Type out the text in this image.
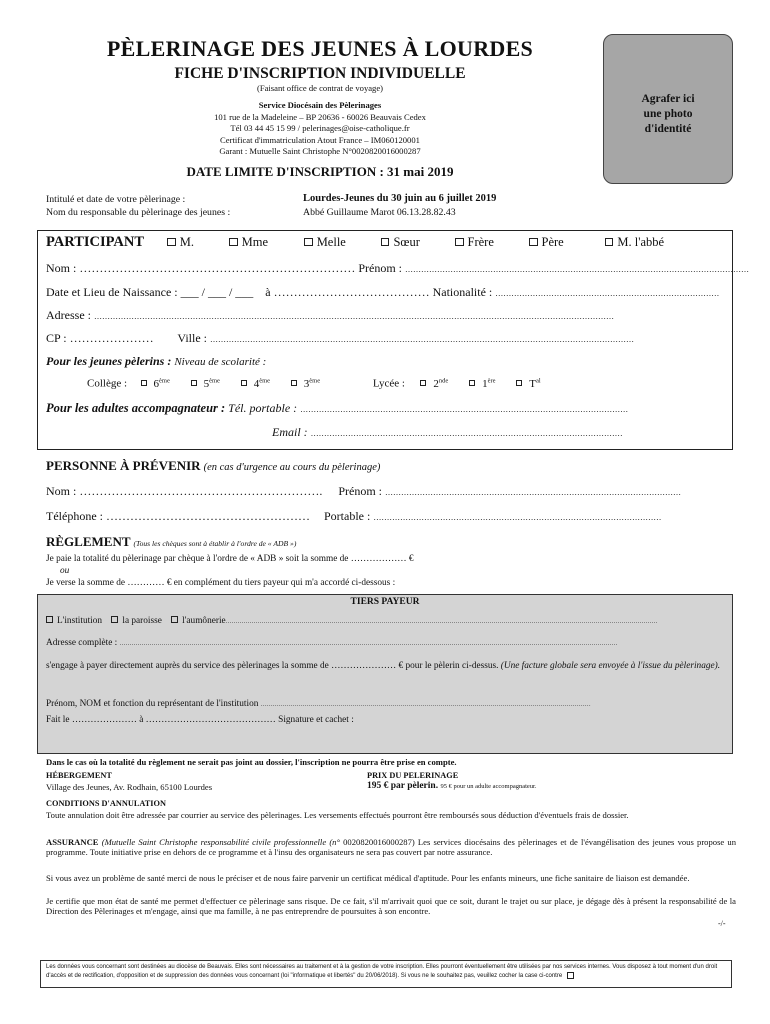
PÈLERINAGE DES JEUNES À LOURDES
FICHE D'INSCRIPTION INDIVIDUELLE
(Faisant office de contrat de voyage)
Service Diocésain des Pèlerinages
101 rue de la Madeleine – BP 20636 - 60026 Beauvais Cedex
Tél 03 44 45 15 99 / pelerinages@oise-catholique.fr
Certificat d'immatriculation Atout France – IM060120001
Garant : Mutuelle Saint Christophe N°0020820016000287
DATE LIMITE D'INSCRIPTION : 31 mai 2019
Agrafer ici
une photo
d'identité
Intitulé et date de votre pèlerinage :	Lourdes-Jeunes du 30 juin au 6 juillet 2019
Nom du responsable du pèlerinage des jeunes :	Abbé Guillaume Marot 06.13.28.82.43
PARTICIPANT	M.	Mme	Melle	Sœur	Frère	Père	M. l'abbé
Nom : …………………………………………………………… Prénom : …………………………………………………………………………………………………………………
Date et Lieu de Naissance : ___ / ___ / ___ à ………………………………… Nationalité : …………………………………………………………………………
Adresse : ……………………………………………………………………………………………………………………………………………………………………………
CP : ………………… Ville : ……………………………………………………………………………………………………………………………………………
Pour les jeunes pèlerins : Niveau de scolarité :
Collège : 6ème	5ème	4ème	3ème	Lycée :	2nde	1ère	$T^{al}$
Pour les adultes accompagnateur : Tél. portable : ……………………………………………………………………………………………………………
Email : ………………………………………………………………………………………………………
PERSONNE À PRÉVENIR (en cas d'urgence au cours du pèlerinage)
Nom : ……………………………………………………. Prénom : …………………………………………………………………………………………………
Téléphone : …………………………………………… Portable : ………………………………………………………………………………………………
RÈGLEMENT (Tous les chèques sont à établir à l'ordre de « ADB »)
Je paie la totalité du pèlerinage par chèque à l'ordre de « ADB » soit la somme de ……………… €
ou
Je verse la somme de ………… € en complément du tiers payeur qui m'a accordé ci-dessous :
TIERS PAYEUR
L'institution la paroisse l'aumônerie………………………………………………………………………………………………………………………………………………………………………………………………
Adresse complète : ……………………………………………………………………………………………………………………………………………………………………………………………………………………………
s'engage à payer directement auprès du service des pèlerinages la somme de ………………… € pour le pèlerin ci-dessus. (Une facture globale sera envoyée à l'issue du pèlerinage).
Prénom, NOM et fonction du représentant de l'institution …………………………………………………………………………………………………………………………………………………
Fait le ………………… à …………………………………… Signature et cachet :
Dans le cas où la totalité du règlement ne serait pas joint au dossier, l'inscription ne pourra être prise en compte.
HÉBERGEMENT
Village des Jeunes, Av. Rodhain, 65100 Lourdes
PRIX DU PELERINAGE
195 € par pèlerin. 95 € pour un adulte accompagnateur.
CONDITIONS D'ANNULATION
Toute annulation doit être adressée par courrier au service des pèlerinages. Les versements effectués pourront être remboursés sous déduction d'éventuels frais de dossier.
ASSURANCE (Mutuelle Saint Christophe responsabilité civile professionnelle (n° 0020820016000287) Les services diocésains des pèlerinages et de l'évangélisation des jeunes vous propose un programme. Toute initiative prise en dehors de ce programme et à l'insu des organisateurs ne sera pas couvert par notre assurance.
Si vous avez un problème de santé merci de nous le préciser et de nous faire parvenir un certificat médical d'aptitude. Pour les enfants mineurs, une fiche sanitaire de liaison est demandée.
Je certifie que mon état de santé me permet d'effectuer ce pèlerinage sans risque. De ce fait, s'il m'arrivait quoi que ce soit, durant le trajet ou sur place, je dégage dès à présent la responsabilité de la Direction des Pèlerinages et m'engage, ainsi que ma famille, à ne pas entreprendre de poursuites à son encontre.
-/-
Les données vous concernant sont destinées au diocèse de Beauvais. Elles sont nécessaires au traitement et à la gestion de votre inscription. Elles pourront éventuellement être utilisées par nos services internes. Vous disposez à tout moment d'un droit d'accès et de rectification, d'opposition et de suppression des données vous concernant (loi "informatique et libertés" du 20/06/2018). Si vous ne le souhaitez pas, veuillez cocher la case ci-contre
